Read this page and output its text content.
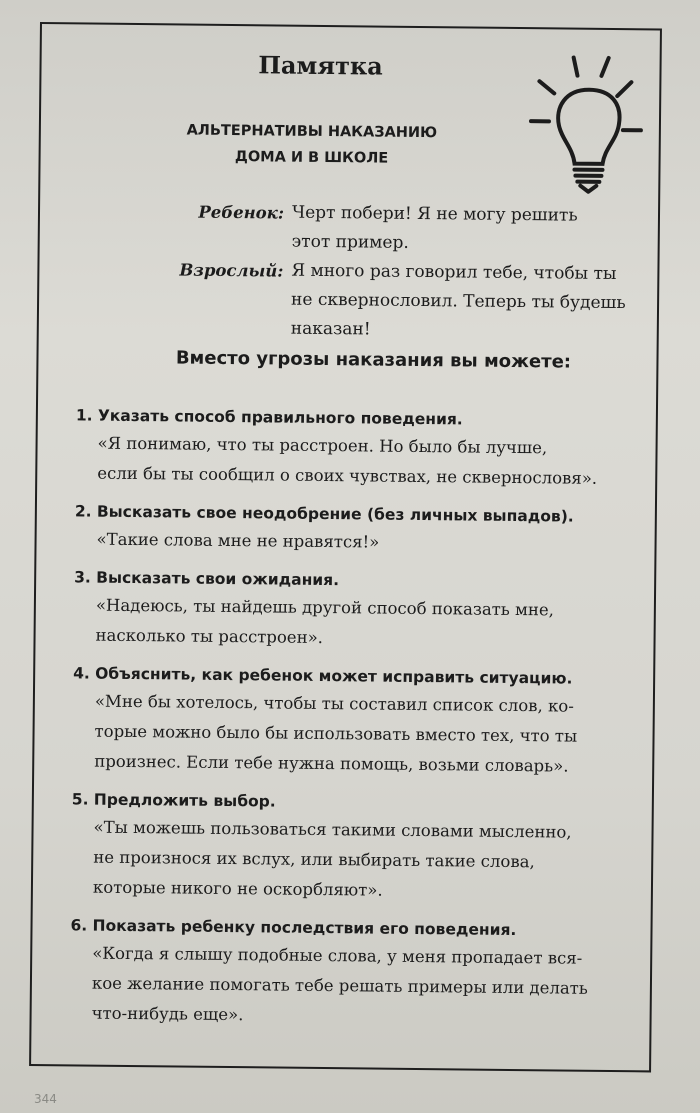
Памятка
АЛЬТЕРНАТИВЫ НАКАЗАНИЮ
ДОМА И В ШКОЛЕ
Ребенок: Черт побери! Я не могу решить
этот пример.
Взрослый: Я много раз говорил тебе, чтобы ты
не сквернословил. Теперь ты будешь
наказан!
Вместо угрозы наказания вы можете:
1. Указать способ правильного поведения.
«Я понимаю, что ты расстроен. Но было бы лучше,
если бы ты сообщил о своих чувствах, не сквернословя».
2. Высказать свое неодобрение (без личных выпадов).
«Такие слова мне не нравятся!»
3. Высказать свои ожидания.
«Надеюсь, ты найдешь другой способ показать мне,
насколько ты расстроен».
4. Объяснить, как ребенок может исправить ситуацию.
«Мне бы хотелось, чтобы ты составил список слов, ко-
торые можно было бы использовать вместо тех, что ты
произнес. Если тебе нужна помощь, возьми словарь».
5. Предложить выбор.
«Ты можешь пользоваться такими словами мысленно,
не произнося их вслух, или выбирать такие слова,
которые никого не оскорбляют».
6. Показать ребенку последствия его поведения.
«Когда я слышу подобные слова, у меня пропадает вся-
кое желание помогать тебе решать примеры или делать
что-нибудь еще».
344
